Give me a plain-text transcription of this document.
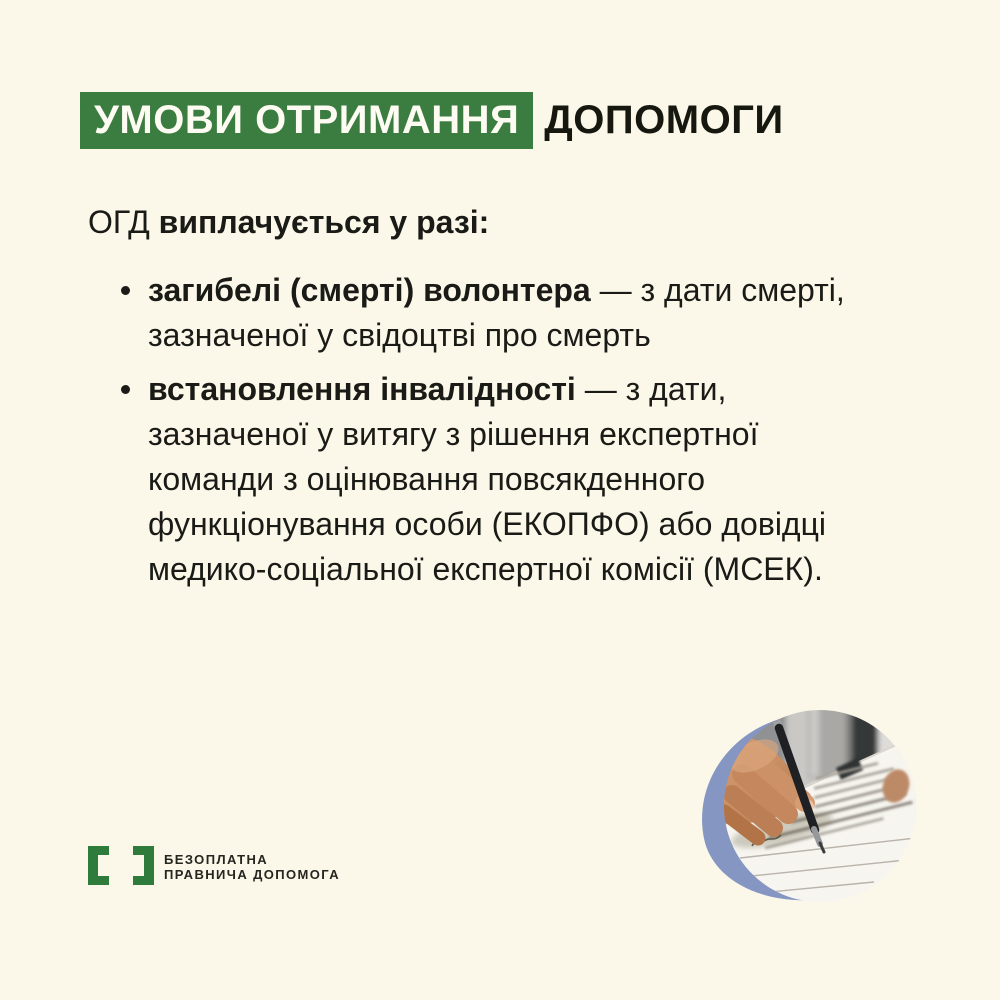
УМОВИ ОТРИМАННЯ ДОПОМОГИ
ОГД виплачується у разі:
загибелі (смерті) волонтера — з дати смерті, зазначеної у свідоцтві про смерть
встановлення інвалідності — з дати, зазначеної у витягу з рішення експертної команди з оцінювання повсякденного функціонування особи (ЕКОПФО) або довідці медико-соціальної експертної комісії (МСЕК).
БЕЗОПЛАТНА
ПРАВНИЧА ДОПОМОГА
